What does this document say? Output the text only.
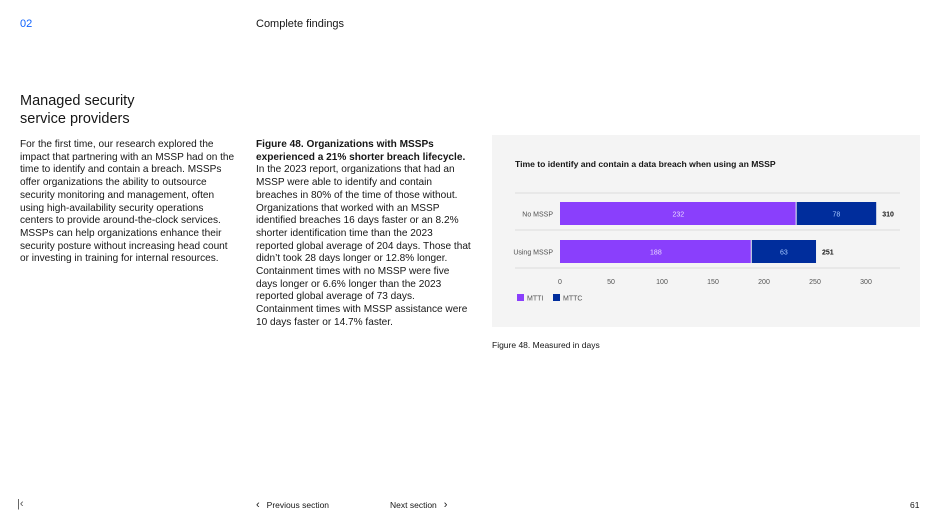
02	Complete findings
Managed security
service providers

For the first time, our research explored the impact that partnering with an MSSP had on the time to identify and contain a breach. MSSPs offer organizations the ability to outsource security monitoring and management, often using high-availability security operations centers to provide around-the-clock services. MSSPs can help organizations enhance their security posture without increasing head count or investing in training for internal resources.

Figure 48. Organizations with MSSPs experienced a 21% shorter breach lifecycle.
In the 2023 report, organizations that had an MSSP were able to identify and contain breaches in 80% of the time of those without. Organizations that worked with an MSSP identified breaches 16 days faster or an 8.2% shorter identification time than the 2023 reported global average of 204 days. Those that didn’t took 28 days longer or 12.8% longer. Containment times with no MSSP were five days longer or 6.6% longer than the 2023 reported global average of 73 days. Containment times with MSSP assistance were 10 days faster or 14.7% faster.
Time to identify and contain a data breach when using an MSSP
No MSSP	232	78	310
Using MSSP	188	63	251
0	50	100	150	200	250	300
MTTI	MTTC
Figure 48. Measured in days
|‹	‹ Previous section	Next section ›	61
